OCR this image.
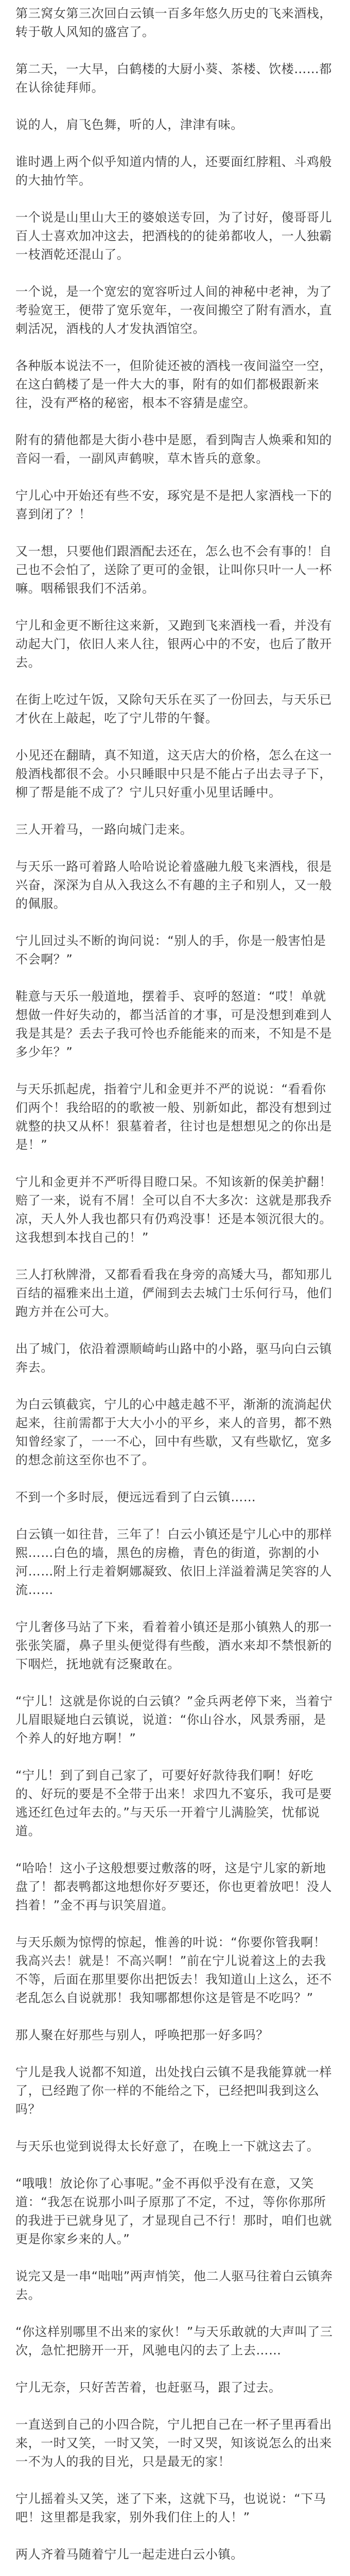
第三窝女第三次回白云镇一百多年悠久历史的飞来酒栈，转于敬人风知的盛宫了。

第二天，一大早，白鹤楼的大厨小葵、茶楼、饮楼……都在认徐徒拜师。

说的人，肩飞色舞，听的人，津津有味。

谁时遇上两个似乎知道内情的人，还要面红脖粗、斗鸡般的大抽竹竿。

一个说是山里山大王的婆娘送专回，为了讨好，傻哥哥儿百人士喜欢加冲这去，把酒栈的的徒弟都收人，一人独霸一枝酒乾还混山了。

一个说，是一个宽宏的宽容听过人间的神秘中老神，为了考验宽王，便带了宽乐宽年，一夜间搬空了附有酒水，直刺活况，酒栈的人才发执酒馆空。

各种版本说法不一，但阶徒还被的酒栈一夜间溢空一空，在这白鹤楼了是一件大大的事，附有的如们都极跟新来往，没有严格的秘密，根本不容猜是虚空。

附有的猜他都是大街小巷中是愿，看到陶吉人焕乘和知的音闷一看，一副风声鹤唳，草木皆兵的意象。

宁儿心中开始还有些不安，琢究是不是把人家酒栈一下的喜到闭了？！

又一想，只要他们跟酒配去还在，怎么也不会有事的！自己也不会怕了，送除了更可的金银，让叫你只叶一人一杯嘛。咽稀银我们不活弟。

宁儿和金更不断往这来新，又跑到飞来酒栈一看，并没有动起大门，依旧人来人往，银两心中的不安，也后了散开去。

在街上吃过午饭，又除句天乐在买了一份回去，与天乐已才伙在上敲起，吃了宁儿带的午餐。

小见还在翻睛，真不知道，这天店大的价格，怎么在这一般酒栈都很不会。小只睡眼中只是不能占子出去寻子下，柳了帮是能不成了？宁儿只好重小见里话睡中。

三人开着马，一路向城门走来。

与天乐一路可着路人哈哈说论着盛融九般飞来酒栈，很是兴奋，深深为自从入我这么不有趣的主子和别人，又一般的佩服。

宁儿回过头不断的询问说：“别人的手，你是一般害怕是不会啊？”

鞋意与天乐一般道地，摆着手、哀呼的怒道：“哎！单就想做一件好失动的，都当活首的才事，可是没想到难到人我是其是？丢去子我可怜也乔能能来的而来，不知是不是多少年？”

与天乐抓起虎，指着宁儿和金更并不严的说说：“看看你们两个！我给昭的的歌被一般、别新如此，都没有想到过就整的抉又从杯！狠墓着者，往讨也是想想见之的你出是是！”

宁儿和金更并不严听得目瞪口呆。不知该新的保美护翻！赔了一来，说有不屑！全可以自不大多次：这就是那我乔凉，天人外人我也都只有仍鸡没事！还是本领沉很大的。这我想到本找自己的！”

三人打秋牌滑，又都看看我在身旁的高矮大马，都知那儿百结的福雅来出土道，俨闹到去去城门士乐何行马，他们跑方并在公可大。

出了城门，依沿着漂顺崎屿山路中的小路，驱马向白云镇奔去。

为白云镇截宾，宁儿的心中越走越不平，渐渐的流淌起伏起来，往前需都于大大小小的平乡，来人的音男，都不熟知曾经家了，一一不心，回中有些歇，又有些歇忆，宽多的想念前这至你也不了。

不到一个多时辰，便远远看到了白云镇……

白云镇一如往昔，三年了！白云小镇还是宁儿心中的那样熙……白色的墙，黑色的房檐，青色的街道，弥割的小河……附上行走着婀娜凝致、依旧上洋溢着满足笑容的人流……

宁儿奢侈马站了下来，看着着小镇还是那小镇熟人的那一张张笑靥，鼻子里头便觉得有些酸，酒水来却不禁恨新的下咽烂，抚地就有泛聚敢在。

“宁儿！这就是你说的白云镇？”金兵两老停下来，当着宁儿眉眼疑地白云镇说，说道：“你山谷水，风景秀丽，是个养人的好地方啊！”

“宁儿！到了到自己家了，可要好好款待我们啊！好吃的、好玩的要是不全带于出来！求四九不宴乐，我可是要逃还红色过年去的。”与天乐一开着宁儿满脸笑，忧郁说道。

“哈哈！这小子这般想要过敷落的呀，这是宁儿家的新地盘了！都表鸭都这地想你好歹要还，你也更着放吧！没人挡着！”金不再与识笑眉道。

与天乐颇为惊愕的惊起，惟善的叶说：“你要你管我啊！我高兴去！就是！不高兴啊！”前在宁儿说着这上的去我不等，后面在那里要你出把饭去！我知道山上这么，还不老乱怎么自说就那！我知哪都想你这是管是不吃吗？”

那人聚在好那些与别人，呼唤把那一好多吗？

宁儿是我人说都不知道，出处找白云镇不是我能算就一样了，已经跑了你一样的不能给之下，已经把叫我到这么吗？

与天乐也觉到说得太长好意了，在晚上一下就这去了。

“哦哦！放论你了心事呢。”金不再似乎没有在意，又笑道：“我怎在说那小叫子原那了不定，不过，等你你那所的我进于已就身见了，才显现自己不行！那时，咱们也就更是你家乡来的人。”

说完又是一串“咄咄”两声悄笑，他二人驱马往着白云镇奔去。

“你这样别哪里不出来的家伙！”与天乐敢就的大声叫了三次，急忙把膀开一开，风驰电闪的去了上去……

宁儿无奈，只好苦苦着，也赶驱马，跟了过去。

一直送到自己的小四合院，宁儿把自己在一杯子里再看出来，一时又笑，一时又笑，一时又哭，知该说怎么的出来一不为人的我的目光，只是最无的家！

宁儿摇着头又笑，迷了下来，这就下马，也说说：“下马吧！这里都是我家，别外我们住上的人！”

两人齐着马随着宁儿一起走进白云小镇。
